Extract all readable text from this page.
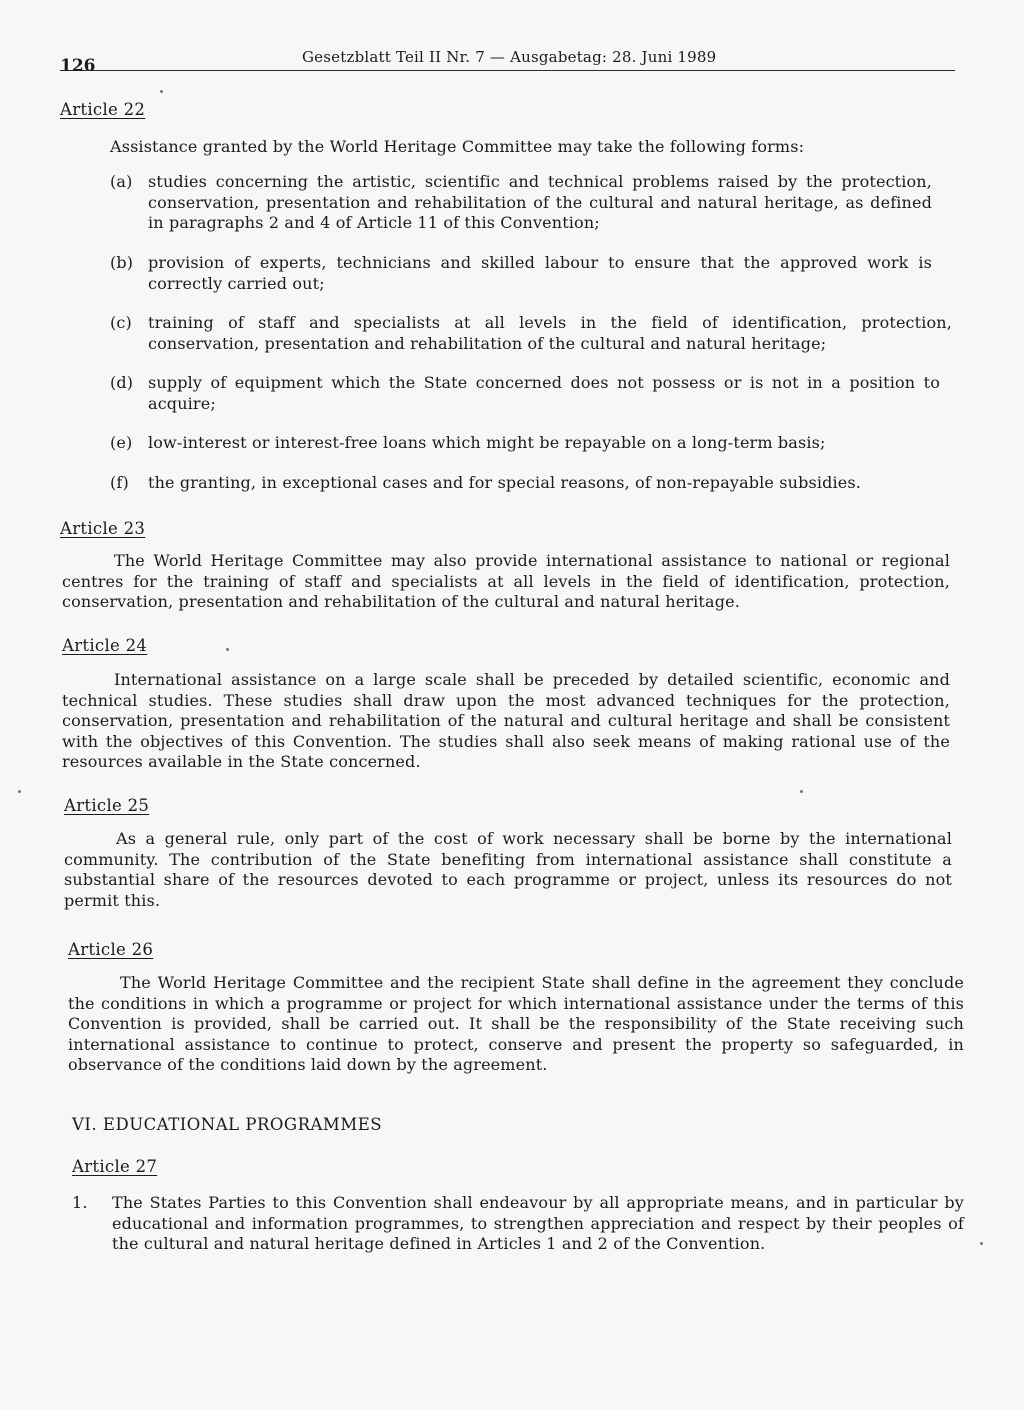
126	Gesetzblatt Teil II Nr. 7 — Ausgabetag: 28. Juni 1989
Article 22
Assistance granted by the World Heritage Committee may take the following forms:
(a) studies concerning the artistic, scientific and technical problems raised by the protection, conservation, presentation and rehabilitation of the cultural and natural heritage, as defined in paragraphs 2 and 4 of Article 11 of this Convention;
(b) provision of experts, technicians and skilled labour to ensure that the approved work is correctly carried out;
(c)	training of staff and specialists at all levels in the field of identification, protection, conservation, presentation and rehabilitation of the cultural and natural heritage;
(d) supply of equipment which the State concerned does not possess or is not in a position to acquire;
(e) low-interest or interest-free loans which might be repayable on a long-term basis;
(f)	the granting, in exceptional cases and for special reasons, of non-repayable subsidies.
Article 23
The World Heritage Committee may also provide international assistance to national or regional centres for the training of staff and specialists at all levels in the field of identification, protection, conservation, presentation and rehabilitation of the cultural and natural heritage.
Article 24
International assistance on a large scale shall be preceded by detailed scientific, economic and technical studies. These studies shall draw upon the most advanced techniques for the protection, conservation, presentation and rehabilitation of the natural and cultural heritage and shall be consistent with the objectives of this Convention. The studies shall also seek means of making rational use of the resources available in the State concerned.
Article 25
As a general rule, only part of the cost of work necessary shall be borne by the international community. The contribution of the State benefiting from international assistance shall constitute a substantial share of the resources devoted to each programme or project, unless its resources do not permit this.
Article 26
The World Heritage Committee and the recipient State shall define in the agreement they conclude the conditions in which a programme or project for which international assistance under the terms of this Convention is provided, shall be carried out. It shall be the responsibility of the State receiving such international assistance to continue to protect, conserve and present the property so safeguarded, in observance of the conditions laid down by the agreement.
VI. EDUCATIONAL PROGRAMMES
Article 27
1.	The States Parties to this Convention shall endeavour by all appropriate means, and in particular by educational and information programmes, to strengthen appreciation and respect by their peoples of the cultural and natural heritage defined in Articles 1 and 2 of the Convention.
